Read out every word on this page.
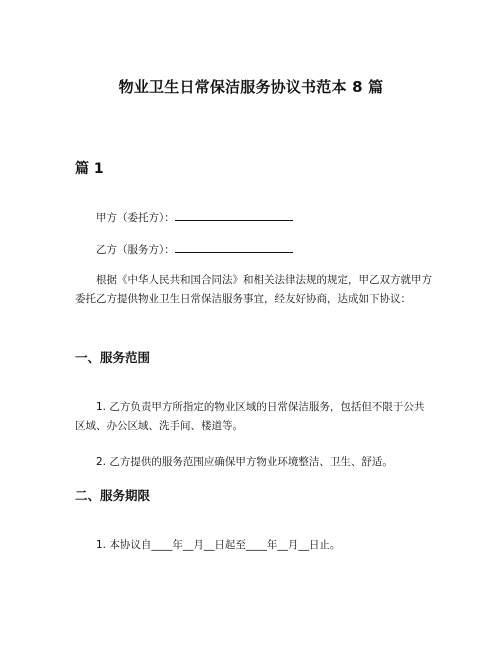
物业卫生日常保洁服务协议书范本 8 篇
篇 1

甲方（委托方）：

乙方（服务方）：

根据《中华人民共和国合同法》和相关法律法规的规定，甲乙双方就甲方委托乙方提供物业卫生日常保洁服务事宜，经友好协商，达成如下协议：

一、服务范围

1. 乙方负责甲方所指定的物业区域的日常保洁服务，包括但不限于公共区域、办公区域、洗手间、楼道等。

2. 乙方提供的服务范围应确保甲方物业环境整洁、卫生、舒适。

二、服务期限

1. 本协议自____年__月__日起至____年__月__日止。
